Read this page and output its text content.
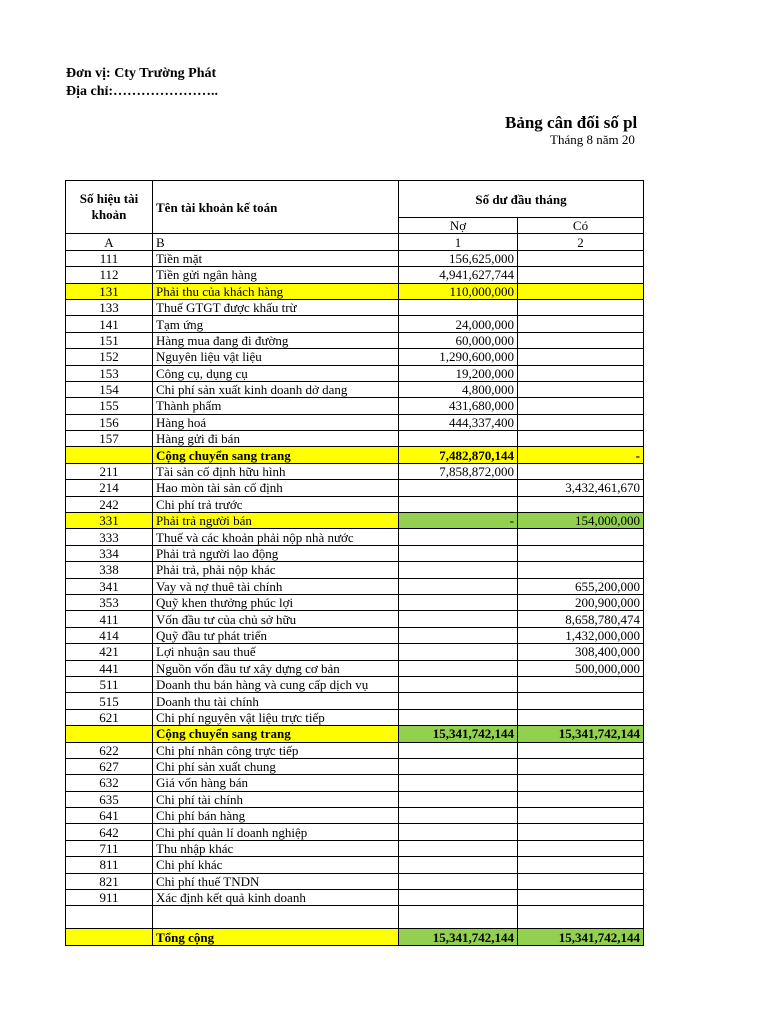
Đơn vị: Cty Trường Phát
Địa chỉ:…………………..
Bảng cân đối số pl
Tháng 8 năm 20
Số hiệu tài khoản	Tên tài khoản kế toán	Số dư đầu tháng	
		Nợ	Có
A	B	1	2
111	Tiền mặt	156,625,000	
112	Tiền gửi ngân hàng	4,941,627,744	
131	Phải thu của khách hàng	110,000,000	
133	Thuế GTGT được khấu trừ		
141	Tạm ứng	24,000,000	
151	Hàng mua đang đi đường	60,000,000	
152	Nguyên liệu vật liệu	1,290,600,000	
153	Công cụ, dụng cụ	19,200,000	
154	Chi phí sản xuất kinh doanh dở dang	4,800,000	
155	Thành phẩm	431,680,000	
156	Hàng hoá	444,337,400	
157	Hàng gửi đi bán		
	Cộng chuyển sang trang	7,482,870,144	-
211	Tài sản cố định hữu hình	7,858,872,000	
214	Hao mòn tài sản cố định		3,432,461,670
242	Chi phí trả trước		
331	Phải trả người bán	-	154,000,000
333	Thuế và các khoản phải nộp nhà nước		
334	Phải trả người lao động		
338	Phải trả, phải nộp khác		
341	Vay và nợ thuê tài chính		655,200,000
353	Quỹ khen thưởng phúc lợi		200,900,000
411	Vốn đầu tư của chủ sở hữu		8,658,780,474
414	Quỹ đầu tư phát triển		1,432,000,000
421	Lợi nhuận sau thuế		308,400,000
441	Nguồn vốn đầu tư xây dựng cơ bản		500,000,000
511	Doanh thu bán hàng và cung cấp dịch vụ		
515	Doanh thu tài chính		
621	Chi phí nguyên vật liệu trực tiếp		
	Cộng chuyển sang trang	15,341,742,144	15,341,742,144
622	Chi phí nhân công trực tiếp		
627	Chi phí sản xuất chung		
632	Giá vốn hàng bán		
635	Chi phí tài chính		
641	Chi phí bán hàng		
642	Chi phí quản lí doanh nghiệp		
711	Thu nhập khác		
811	Chi phí khác		
821	Chi phí thuế TNDN		
911	Xác định kết quả kinh doanh		

	Tổng cộng	15,341,742,144	15,341,742,144
